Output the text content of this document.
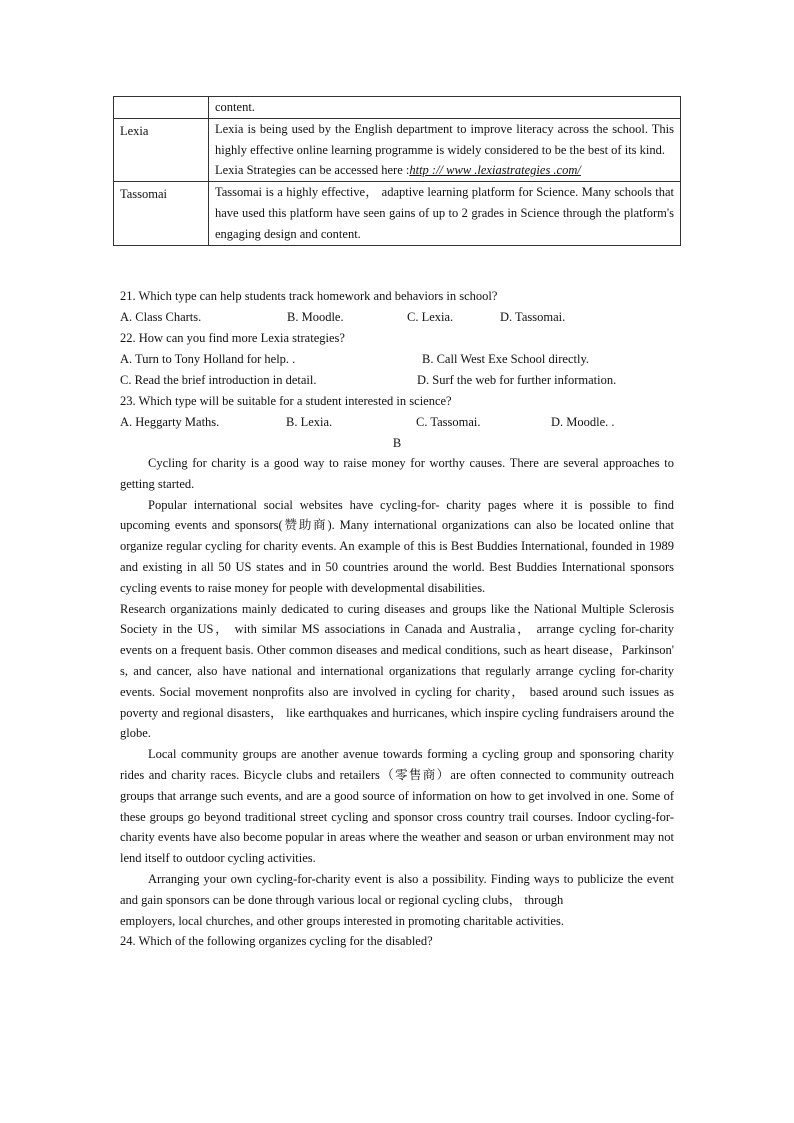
	content.
Lexia	Lexia is being used by the English department to improve literacy across the school. This highly effective online learning programme is widely considered to be the best of its kind.
Lexia Strategies can be accessed here :http :// www .lexiastrategies .com/

Tassomai	Tassomai is a highly effective， adaptive learning platform for Science. Many schools that have used this platform have seen gains of up to 2 grades in Science through the platform's engaging design and content.
21. Which type can help students track homework and behaviors in school?
A. Class Charts.	B. Moodle.	C. Lexia.	D. Tassomai.
22. How can you find more Lexia strategies?
A. Turn to Tony Holland for help. .	B. Call West Exe School directly.
C. Read the brief introduction in detail.	D. Surf the web for further information.
23. Which type will be suitable for a student interested in science?
A. Heggarty Maths.	B. Lexia.	C. Tassomai.	D. Moodle. .
B

Cycling for charity is a good way to raise money for worthy causes. There are several approaches to getting started.

Popular international social websites have cycling-for- charity pages where it is possible to find upcoming events and sponsors(赞助商). Many international organizations can also be located online that organize regular cycling for charity events. An example of this is Best Buddies International, founded in 1989 and existing in all 50 US states and in 50 countries around the world. Best Buddies International sponsors cycling events to raise money for people with developmental disabilities.

Research organizations mainly dedicated to curing diseases and groups like the National Multiple Sclerosis Society in the US， with similar MS associations in Canada and Australia， arrange cycling for-charity events on a frequent basis. Other common diseases and medical conditions, such as heart disease，Parkinson' s, and cancer, also have national and international organizations that regularly arrange cycling for-charity events. Social movement nonprofits also are involved in cycling for charity， based around such issues as poverty and regional disasters， like earthquakes and hurricanes, which inspire cycling fundraisers around the globe.

Local community groups are another avenue towards forming a cycling group and sponsoring charity rides and charity races. Bicycle clubs and retailers（零售商）are often connected to community outreach groups that arrange such events, and are a good source of information on how to get involved in one. Some of these groups go beyond traditional street cycling and sponsor cross country trail courses. Indoor cycling-for- charity events have also become popular in areas where the weather and season or urban environment may not lend itself to outdoor cycling activities.

Arranging your own cycling-for-charity event is also a possibility. Finding ways to publicize the event and gain sponsors can be done through various local or regional cycling clubs， through

employers, local churches, and other groups interested in promoting charitable activities.

24. Which of the following organizes cycling for the disabled?
